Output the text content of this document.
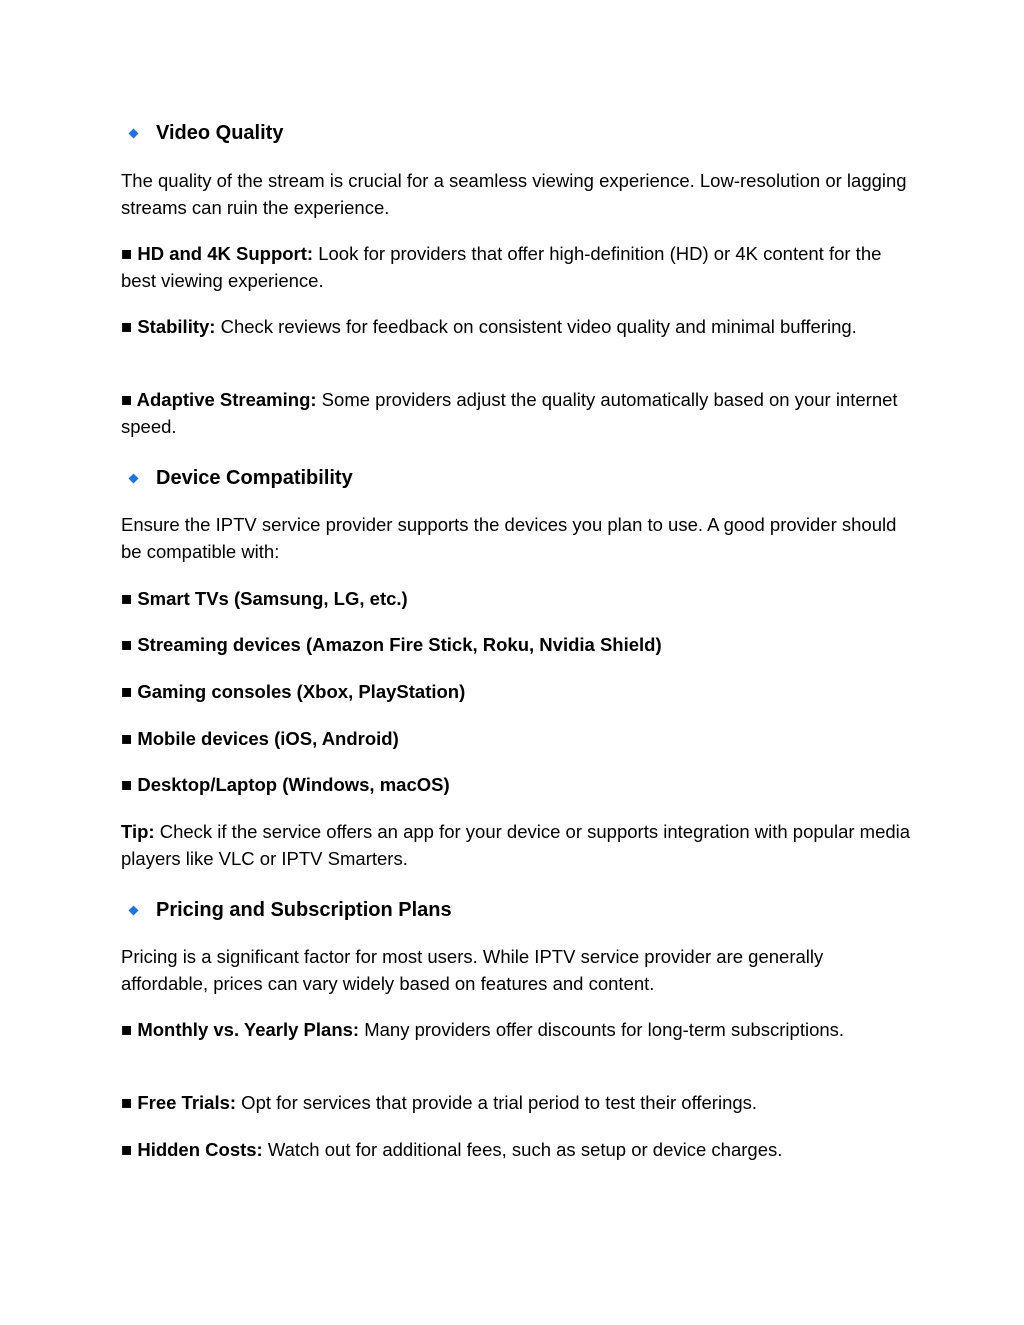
Video Quality

The quality of the stream is crucial for a seamless viewing experience. Low-resolution or lagging streams can ruin the experience.

■ HD and 4K Support: Look for providers that offer high-definition (HD) or 4K content for the best viewing experience.

■ Stability: Check reviews for feedback on consistent video quality and minimal buffering.

■ Adaptive Streaming: Some providers adjust the quality automatically based on your internet speed.

Device Compatibility

Ensure the IPTV service provider supports the devices you plan to use. A good provider should be compatible with:

■ Smart TVs (Samsung, LG, etc.)

■ Streaming devices (Amazon Fire Stick, Roku, Nvidia Shield)

■ Gaming consoles (Xbox, PlayStation)

■ Mobile devices (iOS, Android)

■ Desktop/Laptop (Windows, macOS)

Tip: Check if the service offers an app for your device or supports integration with popular media players like VLC or IPTV Smarters.

Pricing and Subscription Plans

Pricing is a significant factor for most users. While IPTV service provider are generally affordable, prices can vary widely based on features and content.

■ Monthly vs. Yearly Plans: Many providers offer discounts for long-term subscriptions.

■ Free Trials: Opt for services that provide a trial period to test their offerings.

■ Hidden Costs: Watch out for additional fees, such as setup or device charges.
